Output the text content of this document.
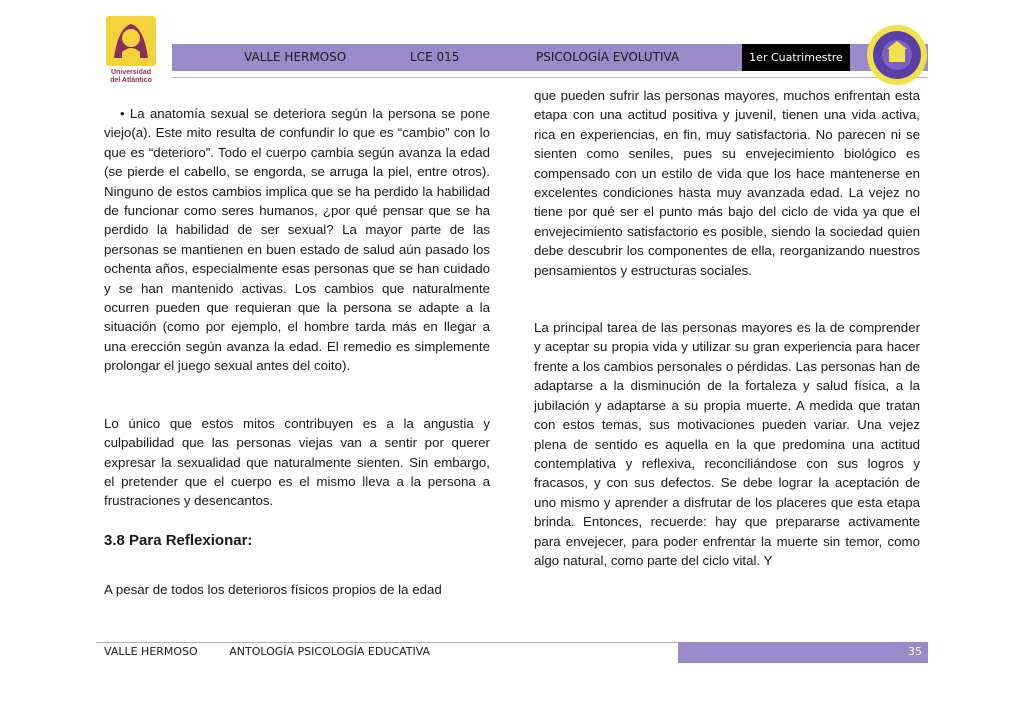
Universidad
del Atlántico
VALLE HERMOSO	LCE 015	PSICOLOGÍA EVOLUTIVA	1er Cuatrimestre

• La anatomía sexual se deteriora según la persona se pone viejo(a). Este mito resulta de confundir lo que es “cambio” con lo que es “deterioro”. Todo el cuerpo cambia según avanza la edad (se pierde el cabello, se engorda, se arruga la piel, entre otros). Ninguno de estos cambios implica que se ha perdido la habilidad de funcionar como seres humanos, ¿por qué pensar que se ha perdido la habilidad de ser sexual? La mayor parte de las personas se mantienen en buen estado de salud aún pasado los ochenta años, especialmente esas personas que se han cuidado y se han mantenido activas. Los cambios que naturalmente ocurren pueden que requieran que la persona se adapte a la situación (como por ejemplo, el hombre tarda más en llegar a una erección según avanza la edad. El remedio es simplemente prolongar el juego sexual antes del coito).

Lo único que estos mitos contribuyen es a la angustia y culpabilidad que las personas viejas van a sentir por querer expresar la sexualidad que naturalmente sienten. Sin embargo, el pretender que el cuerpo es el mismo lleva a la persona a frustraciones y desencantos.

3.8 Para Reflexionar:

A pesar de todos los deterioros físicos propios de la edad

que pueden sufrir las personas mayores, muchos enfrentan esta etapa con una actitud positiva y juvenil, tienen una vida activa, rica en experiencias, en fin, muy satisfactoria. No parecen ni se sienten como seniles, pues su envejecimiento biológico es compensado con un estilo de vida que los hace mantenerse en excelentes condiciones hasta muy avanzada edad. La vejez no tiene por qué ser el punto más bajo del ciclo de vida ya que el envejecimiento satisfactorio es posible, siendo la sociedad quien debe descubrir los componentes de ella, reorganizando nuestros pensamientos y estructuras sociales.

La principal tarea de las personas mayores es la de comprender y aceptar su propia vida y utilizar su gran experiencia para hacer frente a los cambios personales o pérdidas. Las personas han de adaptarse a la disminución de la fortaleza y salud física, a la jubilación y adaptarse a su propia muerte. A medida que tratan con estos temas, sus motivaciones pueden variar. Una vejez plena de sentido es aquella en la que predomina una actitud contemplativa y reflexiva, reconciliándose con sus logros y fracasos, y con sus defectos. Se debe lograr la aceptación de uno mismo y aprender a disfrutar de los placeres que esta etapa brinda. Entonces, recuerde: hay que prepararse activamente para envejecer, para poder enfrentar la muerte sin temor, como algo natural, como parte del ciclo vital. Y

VALLE HERMOSO	ANTOLOGÍA PSICOLOGÍA EDUCATIVA	35
